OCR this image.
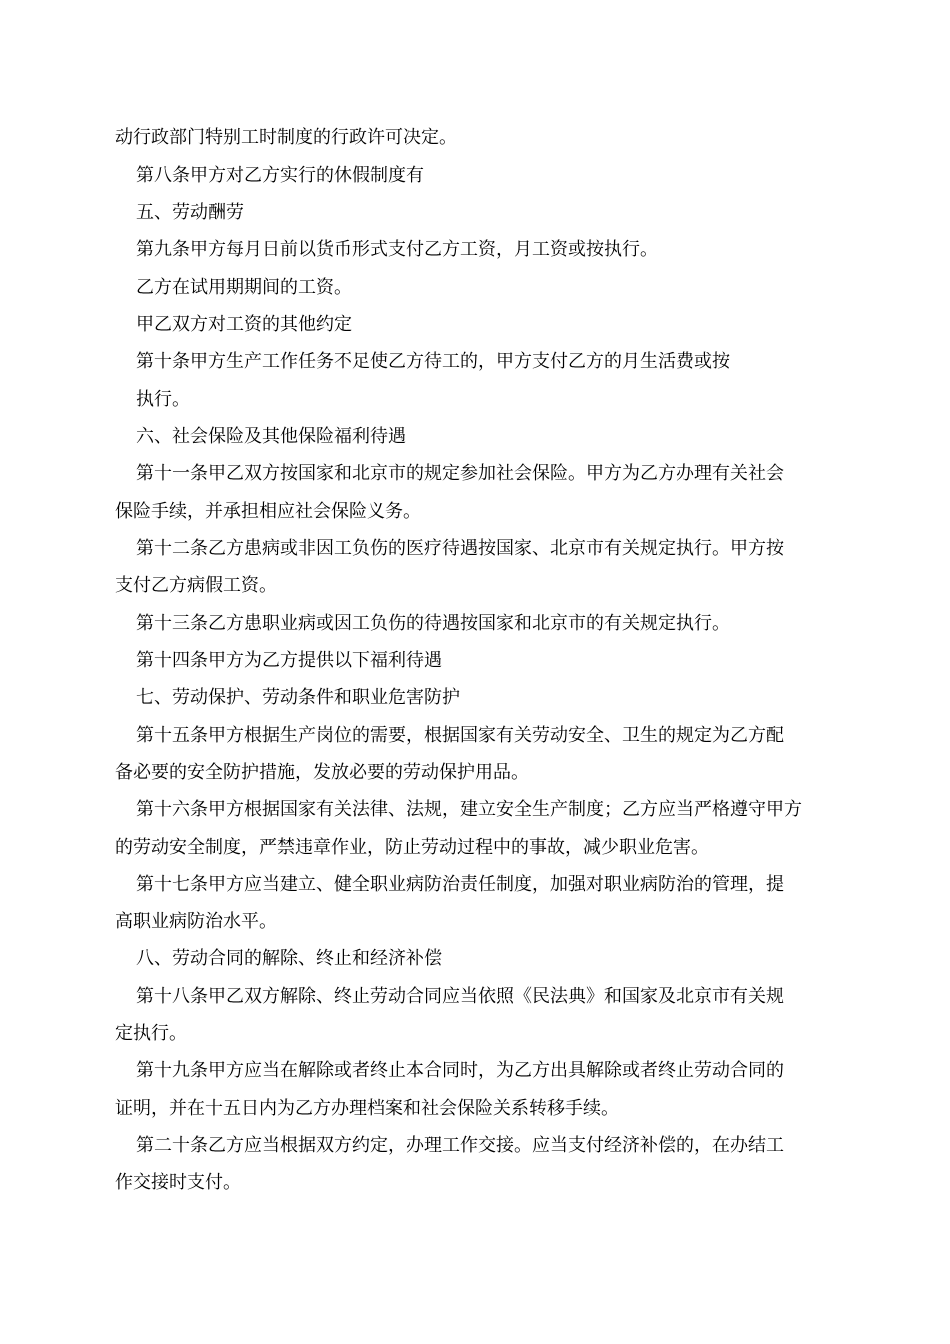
动行政部门特别工时制度的行政许可决定。
第八条甲方对乙方实行的休假制度有
五、劳动酬劳
第九条甲方每月日前以货币形式支付乙方工资，月工资或按执行。
乙方在试用期期间的工资。
甲乙双方对工资的其他约定
第十条甲方生产工作任务不足使乙方待工的，甲方支付乙方的月生活费或按
执行。
六、社会保险及其他保险福利待遇
第十一条甲乙双方按国家和北京市的规定参加社会保险。甲方为乙方办理有关社会
保险手续，并承担相应社会保险义务。
第十二条乙方患病或非因工负伤的医疗待遇按国家、北京市有关规定执行。甲方按
支付乙方病假工资。
第十三条乙方患职业病或因工负伤的待遇按国家和北京市的有关规定执行。
第十四条甲方为乙方提供以下福利待遇
七、劳动保护、劳动条件和职业危害防护
第十五条甲方根据生产岗位的需要，根据国家有关劳动安全、卫生的规定为乙方配
备必要的安全防护措施，发放必要的劳动保护用品。
第十六条甲方根据国家有关法律、法规，建立安全生产制度；乙方应当严格遵守甲方
的劳动安全制度，严禁违章作业，防止劳动过程中的事故，减少职业危害。
第十七条甲方应当建立、健全职业病防治责任制度，加强对职业病防治的管理，提
高职业病防治水平。
八、劳动合同的解除、终止和经济补偿
第十八条甲乙双方解除、终止劳动合同应当依照《民法典》和国家及北京市有关规
定执行。
第十九条甲方应当在解除或者终止本合同时，为乙方出具解除或者终止劳动合同的
证明，并在十五日内为乙方办理档案和社会保险关系转移手续。
第二十条乙方应当根据双方约定，办理工作交接。应当支付经济补偿的，在办结工
作交接时支付。
